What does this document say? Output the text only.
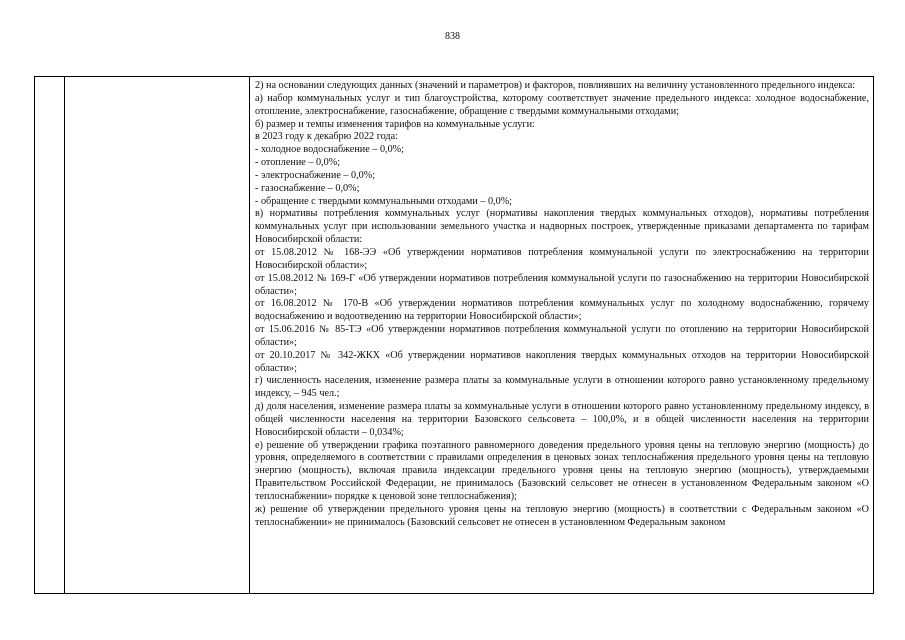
838

2) на основании следующих данных (значений и параметров) и факторов, повлиявших на величину установленного предельного индекса:

а) набор коммунальных услуг и тип благоустройства, которому соответствует значение предельного индекса: холодное водоснабжение, отопление, электроснабжение, газоснабжение, обращение с твердыми коммунальными отходами;

б) размер и темпы изменения тарифов на коммунальные услуги:

в 2023 году к декабрю 2022 года:

- холодное водоснабжение – 0,0%;

- отопление – 0,0%;

- электроснабжение – 0,0%;

- газоснабжение – 0,0%;

- обращение с твердыми коммунальными отходами – 0,0%;

в) нормативы потребления коммунальных услуг (нормативы накопления твердых коммунальных отходов), нормативы потребления коммунальных услуг при использовании земельного участка и надворных построек, утвержденные приказами департамента по тарифам Новосибирской области:

от 15.08.2012 № 168-ЭЭ «Об утверждении нормативов потребления коммунальной услуги по электроснабжению на территории Новосибирской области»;

от 15.08.2012 № 169-Г «Об утверждении нормативов потребления коммунальной услуги по газоснабжению на территории Новосибирской области»;

от 16.08.2012 № 170-В «Об утверждении нормативов потребления коммунальных услуг по холодному водоснабжению, горячему водоснабжению и водоотведению на территории Новосибирской области»;

от 15.06.2016 № 85-ТЭ «Об утверждении нормативов потребления коммунальной услуги по отоплению на территории Новосибирской области»;

от 20.10.2017 № 342-ЖКХ «Об утверждении нормативов накопления твердых коммунальных отходов на территории Новосибирской области»;

г) численность населения, изменение размера платы за коммунальные услуги в отношении которого равно установленному предельному индексу, – 945 чел.;

д) доля населения, изменение размера платы за коммунальные услуги в отношении которого равно установленному предельному индексу, в общей численности населения на территории Базовского сельсовета – 100,0%, и в общей численности населения на территории Новосибирской области – 0,034%;

е) решение об утверждении графика поэтапного равномерного доведения предельного уровня цены на тепловую энергию (мощность) до уровня, определяемого в соответствии с правилами определения в ценовых зонах теплоснабжения предельного уровня цены на тепловую энергию (мощность), включая правила индексации предельного уровня цены на тепловую энергию (мощность), утверждаемыми Правительством Российской Федерации, не принималось (Базовский сельсовет не отнесен в установленном Федеральным законом «О теплоснабжении» порядке к ценовой зоне теплоснабжения);

ж) решение об утверждении предельного уровня цены на тепловую энергию (мощность) в соответствии с Федеральным законом «О теплоснабжении» не принималось (Базовский сельсовет не отнесен в установленном Федеральным законом
